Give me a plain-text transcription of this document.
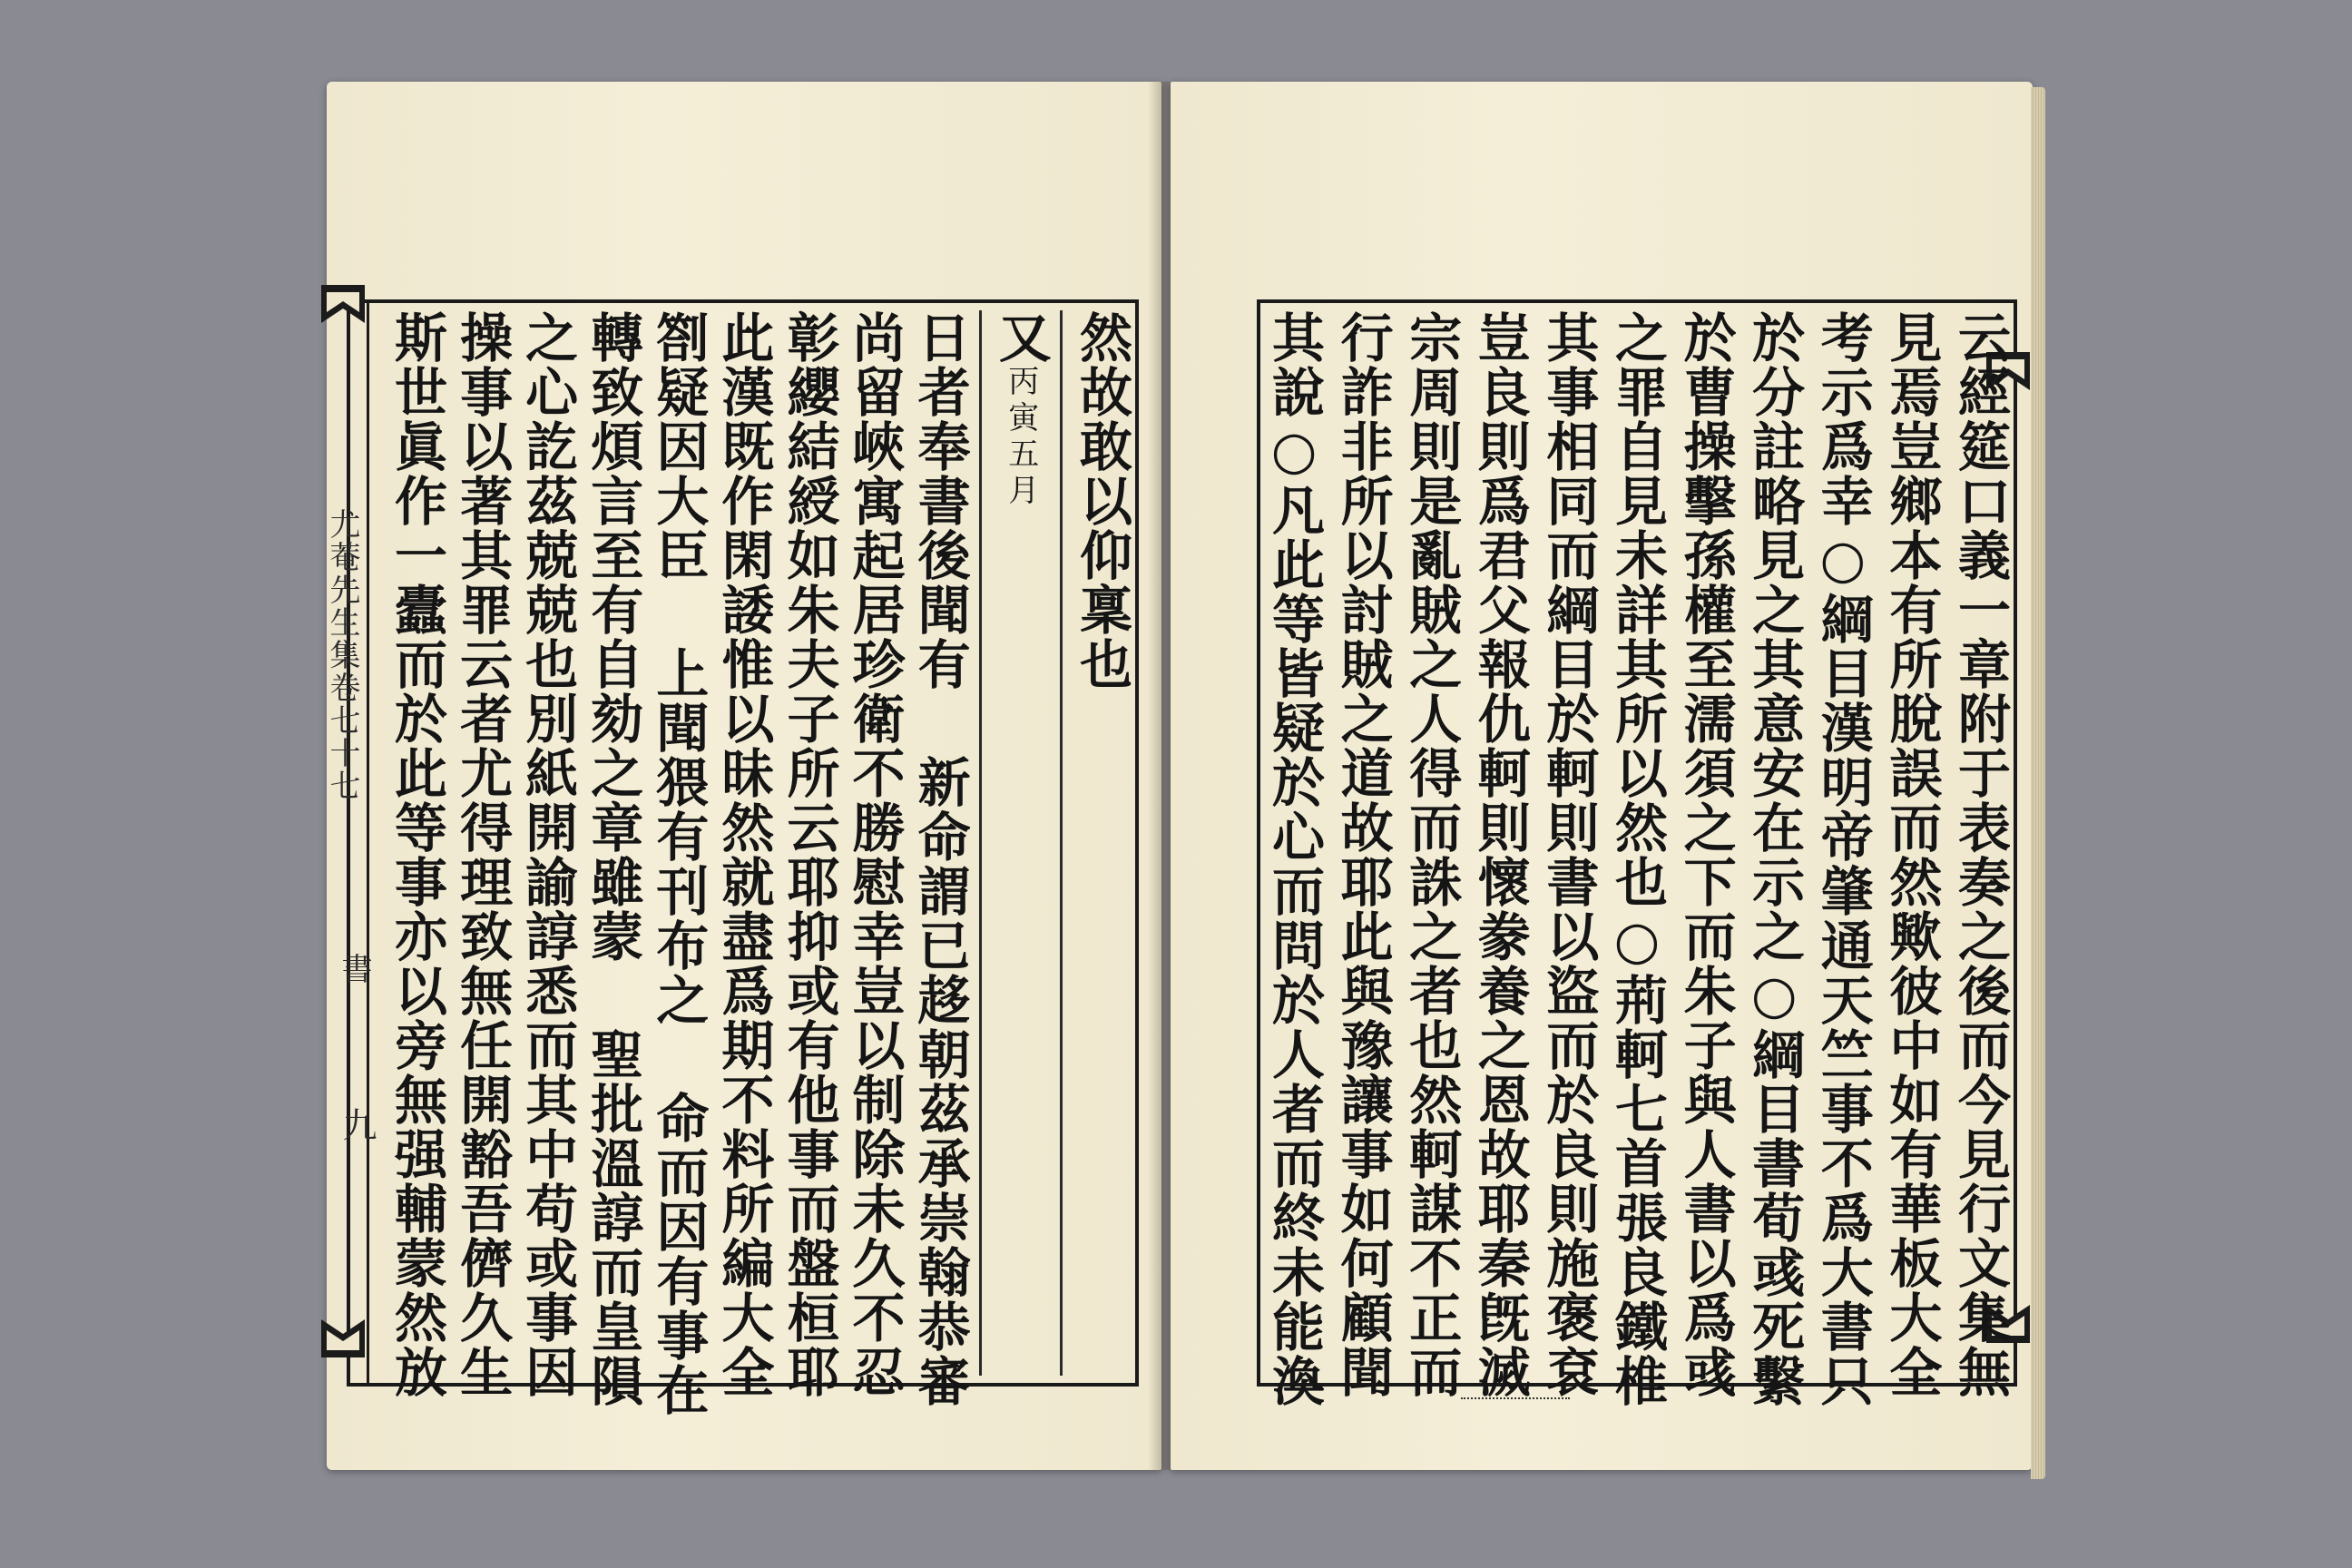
尤菴先生集卷七十七
書
九
然故敢以仰稟也
又丙寅五月
日者奉書後聞有 新命謂已趍朝茲承崇翰恭審
尚留峽寓起居珍衛不勝慰幸豈以制除未久不忍
彰纓結綬如朱夫子所云耶抑或有他事而盤桓耶
此漢既作閑諉惟以昧然就盡爲期不料所編大全
劄疑因大臣 上聞猥有刊布之 命而因有事在
轉致煩言至有自劾之章雖蒙 聖批溫諄而皇隕
之心訖茲兢兢也別紙開諭諄悉而其中苟或事因
操事以著其罪云者尤得理致無任開豁吾儕久生
斯世眞作一蠹而於此等事亦以旁無强輔蒙然放	云經筵口義一章附于表奏之後而今見行文集無
見焉豈鄉本有所脫誤而然歟彼中如有華板大全
考示爲幸○綱目漢明帝肇通天竺事不爲大書只
於分註略見之其意安在示之○綱目書荀彧死繫
於曹操擊孫權至濡須之下而朱子與人書以爲彧
之罪自見未詳其所以然也○荊軻七首張良鐵椎
其事相同而綱目於軻則書以盜而於良則施褒袞
豈良則爲君父報仇軻則懷豢養之恩故耶秦旣滅
宗周則是亂賊之人得而誅之者也然軻謀不正而
行詐非所以討賊之道故耶此與豫讓事如何顧聞
其說○凡此等皆疑於心而問於人者而終未能渙
